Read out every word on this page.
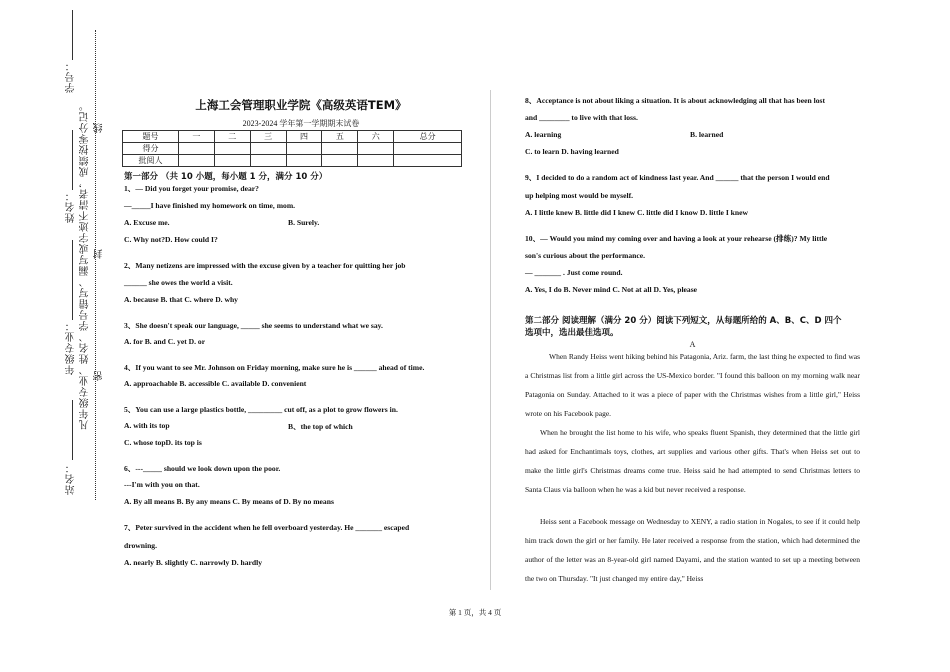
学号：
姓名：
年级专业：
站名：
凡年级专业、姓名、学号错写、漏写或字迹不清者，成绩按零分记。 线
封
密
上海工会管理职业学院《高级英语TEM》
2023-2024 学年第一学期期末试卷
题号	一	二	三	四	五	六	总分
得分							
批阅人							
第一部分 （共 10 小题，每小题 1 分，满分 10 分）
1、— Did you forget your promise, dear?
—_____I have finished my homework on time, mom.
A. Excuse me.	B. Surely.
C. Why not?D. How could I?
2、Many netizens are impressed with the excuse given by a teacher for quitting her job
______ she owes the world a visit.
A. because B. that C. where D. why
3、She doesn't speak our language, _____ she seems to understand what we say.
A. for B. and C. yet D. or
4、If you want to see Mr. Johnson on Friday morning, make sure he is ______ ahead of time.
A. approachable B. accessible C. available D. convenient
5、You can use a large plastics bottle, _________ cut off, as a plot to grow flowers in.
A. with its top	B、the top of which
C. whose topD. its top is
6、---_____ should we look down upon the poor.
---I'm with you on that.
A. By all means B. By any means C. By means of D. By no means
7、Peter survived in the accident when he fell overboard yesterday. He _______ escaped
drowning.
A. nearly B. slightly C. narrowly D. hardly
8、Acceptance is not about liking a situation. It is about acknowledging all that has been lost
and ________ to live with that loss.
A. learning	B. learned
C. to learn D. having learned
9、I decided to do a random act of kindness last year. And ______ that the person I would end
up helping most would be myself.
A. I little knew B. little did I knew C. little did I know D. little I knew
10、— Would you mind my coming over and having a look at your rehearse (排练)? My little
son's curious about the performance.
— _______ . Just come round.
A. Yes, I do B. Never mind C. Not at all D. Yes, please
第二部分 阅读理解（满分 20 分）阅读下列短文，从每题所给的 A、B、C、D 四个
选项中，选出最佳选项。
A
When Randy Heiss went hiking behind his Patagonia, Ariz. farm, the last thing he expected to find was a Christmas list from a little girl across the US-Mexico border. "I found this balloon on my morning walk near Patagonia on Sunday. Attached to it was a piece of paper with the Christmas wishes from a little girl," Heiss wrote on his Facebook page.
When he brought the list home to his wife, who speaks fluent Spanish, they determined that the little girl had asked for Enchantimals toys, clothes, art supplies and various other gifts. That's when Heiss set out to make the little girl's Christmas dreams come true. Heiss said he had attempted to send Christmas letters to Santa Claus via balloon when he was a kid but never received a response.
Heiss sent a Facebook message on Wednesday to XENY, a radio station in Nogales, to see if it could help him track down the girl or her family. He later received a response from the station, which had determined the author of the letter was an 8-year-old girl named Dayami, and the station wanted to set up a meeting between the two on Thursday. "It just changed my entire day," Heiss
第 1 页，共 4 页
